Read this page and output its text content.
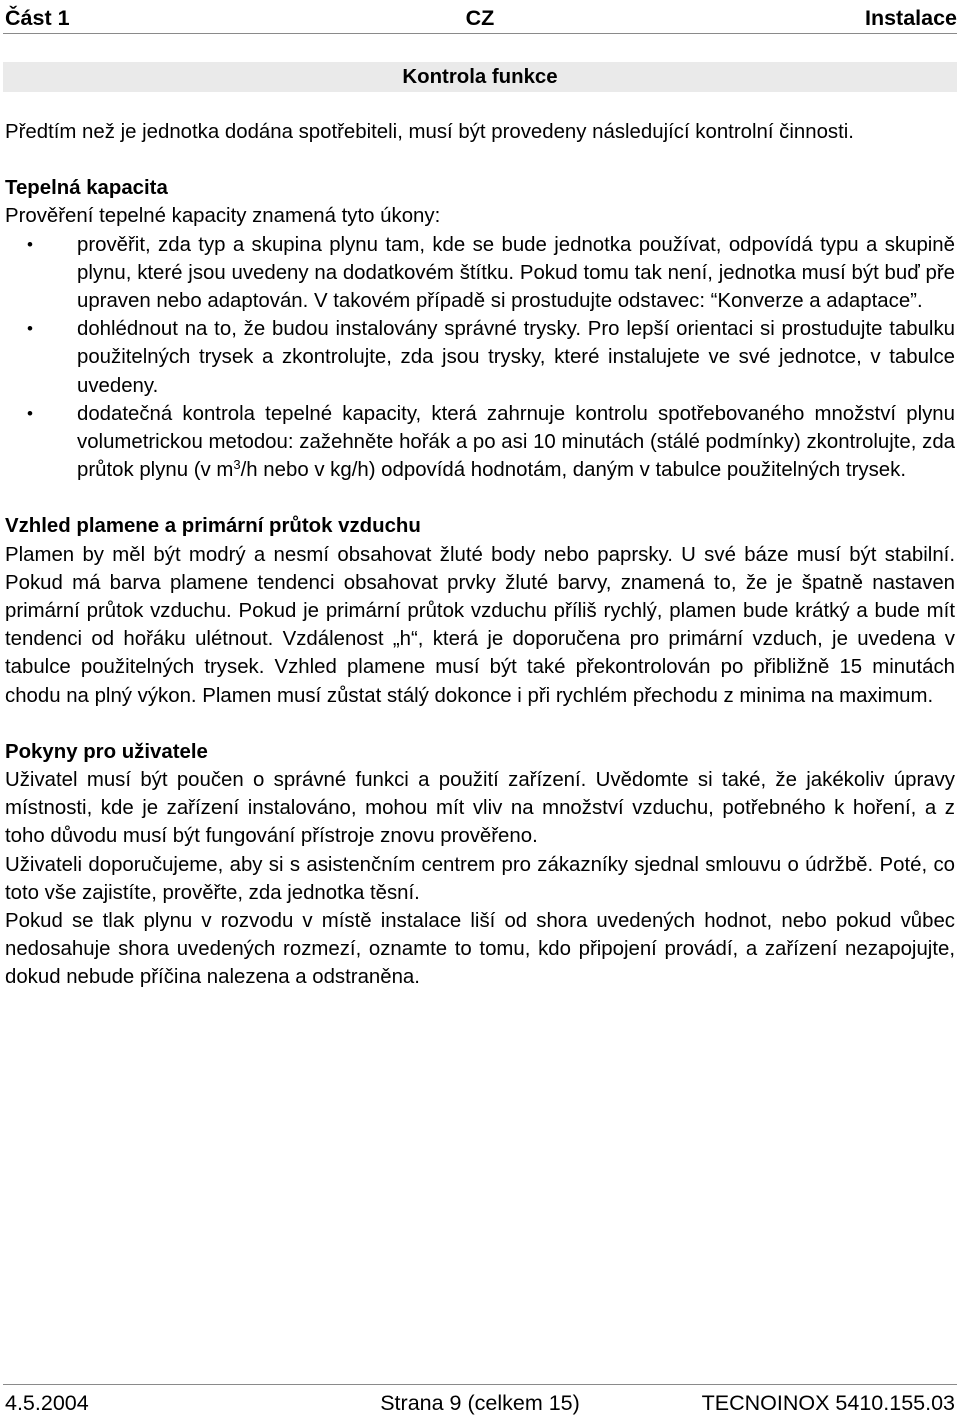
CZ
Část 1	Instalace
Kontrola funkce

Předtím než je jednotka dodána spotřebiteli, musí být provedeny následující kontrolní činnosti.

Tepelná kapacita

Prověření tepelné kapacity znamená tyto úkony:

• prověřit, zda typ a skupina plynu tam, kde se bude jednotka používat, odpovídá typu a skupině plynu, které jsou uvedeny na dodatkovém štítku. Pokud tomu tak není, jednotka musí být buď pře upraven nebo adaptován. V takovém případě si prostudujte odstavec: “Konverze a adaptace”.
• dohlédnout na to, že budou instalovány správné trysky. Pro lepší orientaci si prostudujte tabulku použitelných trysek a zkontrolujte, zda jsou trysky, které instalujete ve své jednotce, v tabulce uvedeny.
• dodatečná kontrola tepelné kapacity, která zahrnuje kontrolu spotřebovaného množství plynu volumetrickou metodou: zažehněte hořák a po asi 10 minutách (stálé podmínky) zkontrolujte, zda průtok plynu (v $m^3/h$ nebo v kg/h) odpovídá hodnotám, daným v tabulce použitelných trysek.

Vzhled plamene a primární průtok vzduchu

Plamen by měl být modrý a nesmí obsahovat žluté body nebo paprsky. U své báze musí být stabilní. Pokud má barva plamene tendenci obsahovat prvky žluté barvy, znamená to, že je špatně nastaven primární průtok vzduchu. Pokud je primární průtok vzduchu příliš rychlý, plamen bude krátký a bude mít tendenci od hořáku ulétnout. Vzdálenost „h“, která je doporučena pro primární vzduch, je uvedena v tabulce použitelných trysek. Vzhled plamene musí být také překontrolován po přibližně 15 minutách chodu na plný výkon. Plamen musí zůstat stálý dokonce i při rychlém přechodu z minima na maximum.

Pokyny pro uživatele

Uživatel musí být poučen o správné funkci a použití zařízení. Uvědomte si také, že jakékoliv úpravy místnosti, kde je zařízení instalováno, mohou mít vliv na množství vzduchu, potřebného k hoření, a z toho důvodu musí být fungování přístroje znovu prověřeno.

Uživateli doporučujeme, aby si s asistenčním centrem pro zákazníky sjednal smlouvu o údržbě. Poté, co toto vše zajistíte, prověřte, zda jednotka těsní.

Pokud se tlak plynu v rozvodu v místě instalace liší od shora uvedených hodnot, nebo pokud vůbec nedosahuje shora uvedených rozmezí, oznamte to tomu, kdo připojení provádí, a zařízení nezapojujte, dokud nebude příčina nalezena a odstraněna.

Strana 9 (celkem 15)
4.5.2004	TECNOINOX 5410.155.03
